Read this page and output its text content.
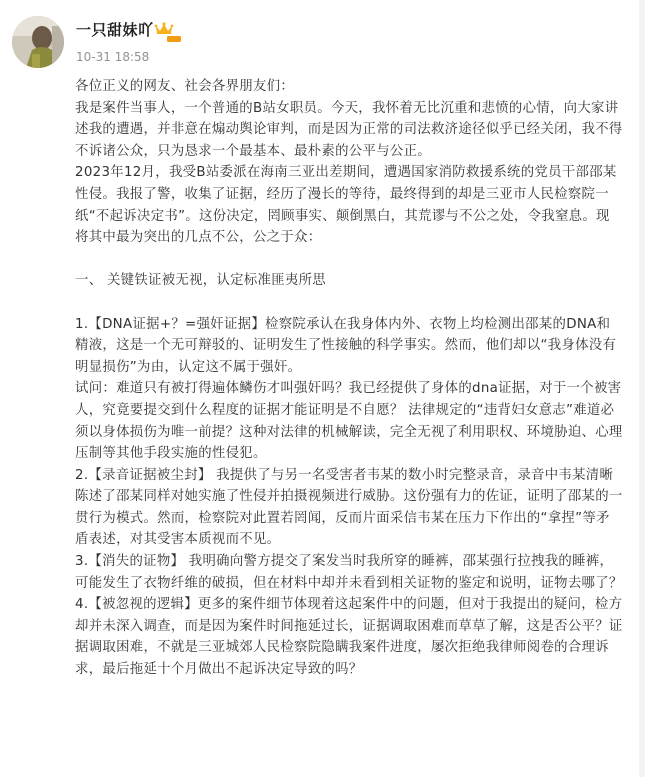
一只甜妹吖
10-31 18:58

各位正义的网友、社会各界朋友们：

我是案件当事人，一个普通的B站女职员。今天，我怀着无比沉重和悲愤的心情，向大家讲述我的遭遇，并非意在煽动舆论审判，而是因为正常的司法救济途径似乎已经关闭，我不得不诉诸公众，只为恳求一个最基本、最朴素的公平与公正。

2023年12月，我受B站委派在海南三亚出差期间，遭遇国家消防救援系统的党员干部邵某性侵。我报了警，收集了证据，经历了漫长的等待，最终得到的却是三亚市人民检察院一纸“不起诉决定书”。这份决定，罔顾事实、颠倒黑白，其荒谬与不公之处，令我窒息。现将其中最为突出的几点不公，公之于众：

一、 关键铁证被无视，认定标准匪夷所思

1.【DNA证据+？=强奸证据】检察院承认在我身体内外、衣物上均检测出邵某的DNA和精液，这是一个无可辩驳的、证明发生了性接触的科学事实。然而，他们却以“我身体没有明显损伤”为由，认定这不属于强奸。

试问：难道只有被打得遍体鳞伤才叫强奸吗？我已经提供了身体的dna证据，对于一个被害人，究竟要提交到什么程度的证据才能证明是不自愿？ 法律规定的“违背妇女意志”难道必须以身体损伤为唯一前提？这种对法律的机械解读，完全无视了利用职权、环境胁迫、心理压制等其他手段实施的性侵犯。

2.【录音证据被尘封】 我提供了与另一名受害者韦某的数小时完整录音，录音中韦某清晰陈述了邵某同样对她实施了性侵并拍摄视频进行威胁。这份强有力的佐证，证明了邵某的一贯行为模式。然而，检察院对此置若罔闻，反而片面采信韦某在压力下作出的“拿捏”等矛盾表述，对其受害本质视而不见。

3.【消失的证物】 我明确向警方提交了案发当时我所穿的睡裤，邵某强行拉拽我的睡裤，可能发生了衣物纤维的破损，但在材料中却并未看到相关证物的鉴定和说明，证物去哪了？

4.【被忽视的逻辑】更多的案件细节体现着这起案件中的问题，但对于我提出的疑问，检方却并未深入调查，而是因为案件时间拖延过长，证据调取困难而草草了解，这是否公平？证据调取困难，不就是三亚城郊人民检察院隐瞒我案件进度，屡次拒绝我律师阅卷的合理诉求，最后拖延十个月做出不起诉决定导致的吗？
